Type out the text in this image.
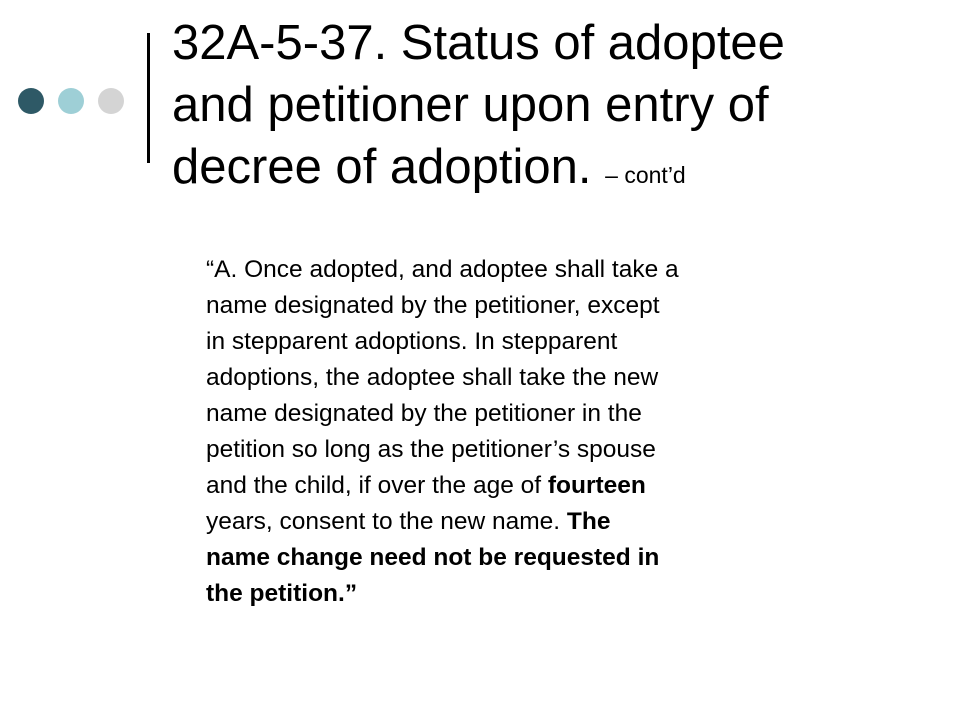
32A-5-37. Status of adoptee
and petitioner upon entry of
decree of adoption. – cont’d
“A. Once adopted, and adoptee shall take a
name designated by the petitioner, except
in stepparent adoptions. In stepparent
adoptions, the adoptee shall take the new
name designated by the petitioner in the
petition so long as the petitioner’s spouse
and the child, if over the age of fourteen
years, consent to the new name. The
name change need not be requested in
the petition.”
